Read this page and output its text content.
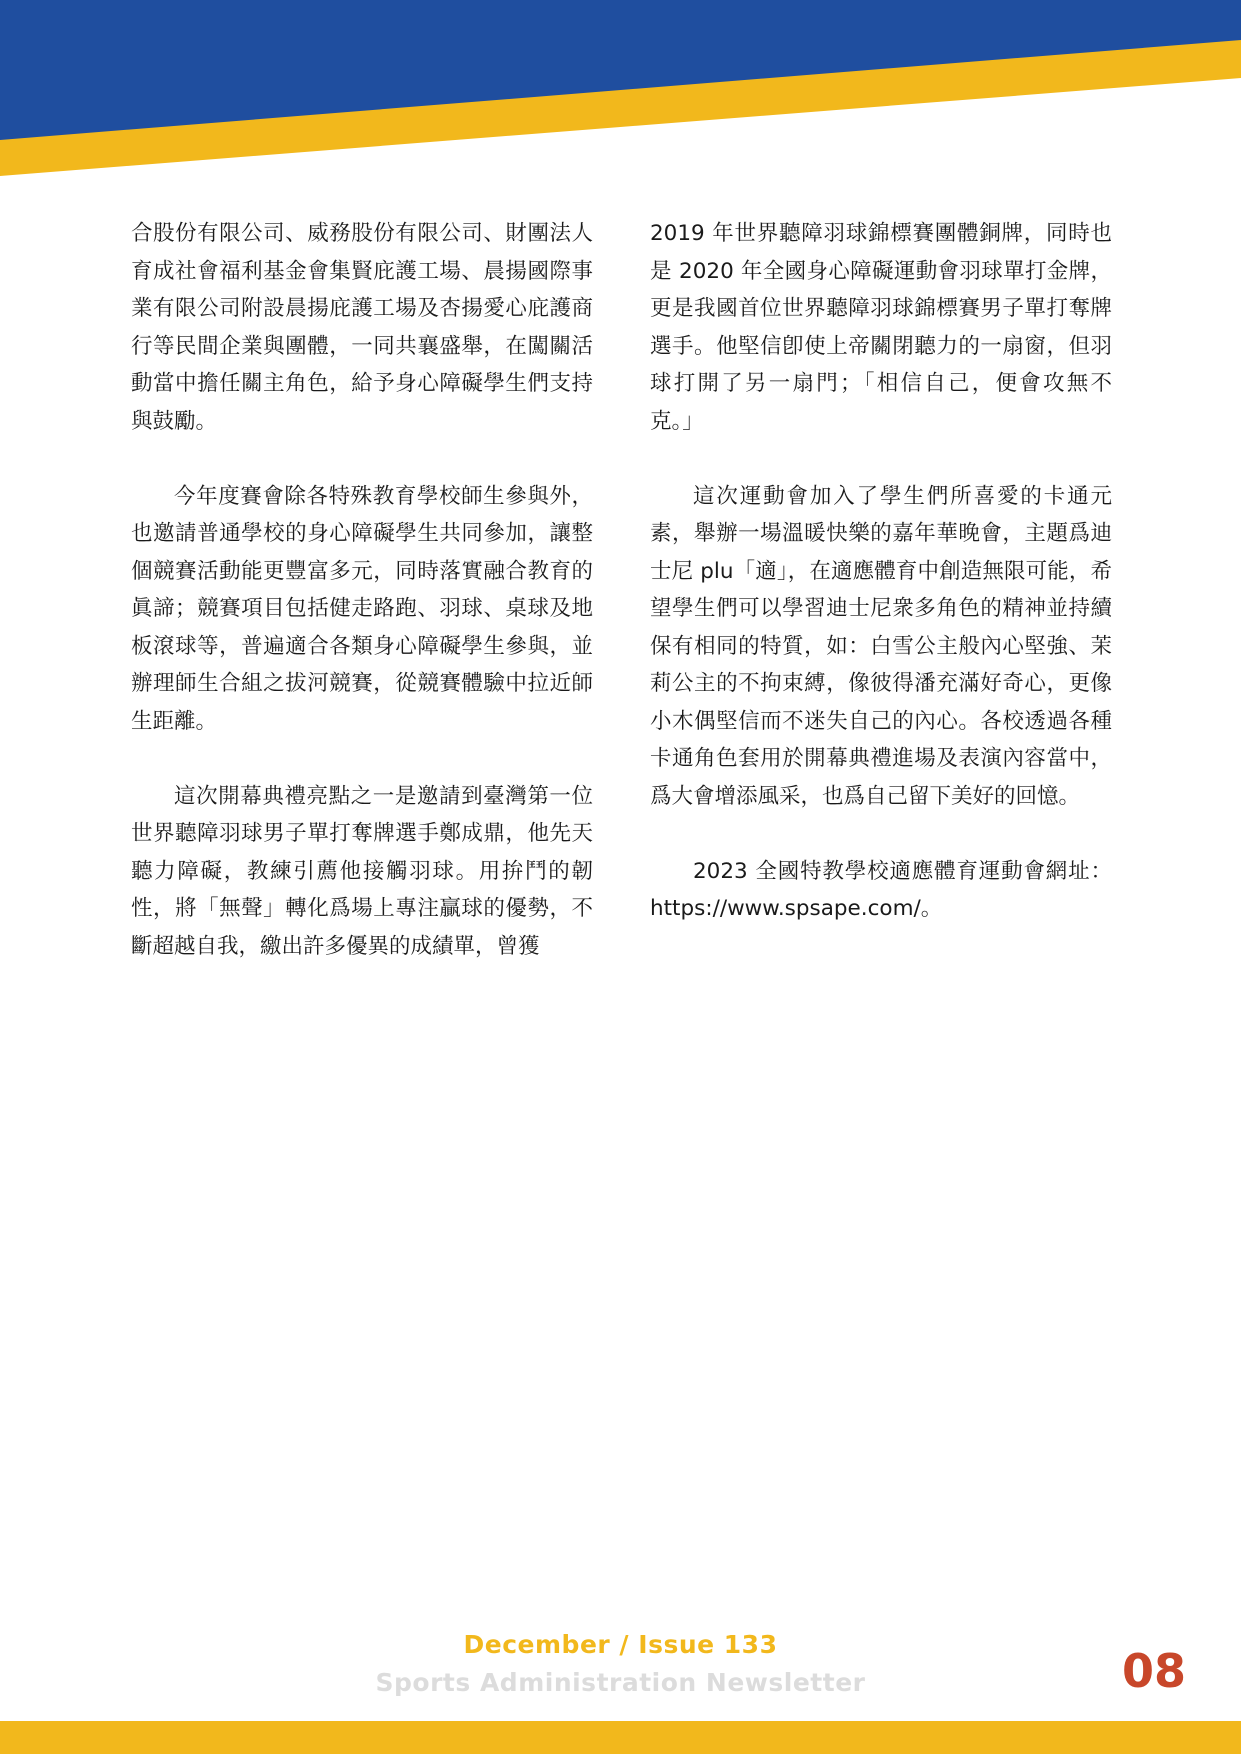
合股份有限公司、威務股份有限公司、財團法人育成社會福利基金會集賢庇護工場、晨揚國際事業有限公司附設晨揚庇護工場及杏揚愛心庇護商行等民間企業與團體，一同共襄盛舉，在闖關活動當中擔任關主角色，給予身心障礙學生們支持與鼓勵。

今年度賽會除各特殊教育學校師生參與外，也邀請普通學校的身心障礙學生共同參加，讓整個競賽活動能更豐富多元，同時落實融合教育的眞諦；競賽項目包括健走路跑、羽球、桌球及地板滾球等，普遍適合各類身心障礙學生參與，並辦理師生合組之拔河競賽，從競賽體驗中拉近師生距離。

這次開幕典禮亮點之一是邀請到臺灣第一位世界聽障羽球男子單打奪牌選手鄭成鼎，他先天聽力障礙，教練引薦他接觸羽球。用拚鬥的韌性，將「無聲」轉化爲場上專注贏球的優勢，不斷超越自我，繳出許多優異的成績單，曾獲

2019 年世界聽障羽球錦標賽團體銅牌，同時也是 2020 年全國身心障礙運動會羽球單打金牌，更是我國首位世界聽障羽球錦標賽男子單打奪牌選手。他堅信卽使上帝關閉聽力的一扇窗，但羽球打開了另一扇門；「相信自己，便會攻無不克。」

這次運動會加入了學生們所喜愛的卡通元素，舉辦一場溫暖快樂的嘉年華晚會，主題爲迪士尼 plu「適」，在適應體育中創造無限可能，希望學生們可以學習迪士尼衆多角色的精神並持續保有相同的特質，如：白雪公主般內心堅強、茉莉公主的不拘束縛，像彼得潘充滿好奇心，更像小木偶堅信而不迷失自己的內心。各校透過各種卡通角色套用於開幕典禮進場及表演內容當中，爲大會增添風采，也爲自己留下美好的回憶。

2023 全國特教學校適應體育運動會網址：https://www.spsape.com/。

December / Issue 133
Sports Administration Newsletter	08
